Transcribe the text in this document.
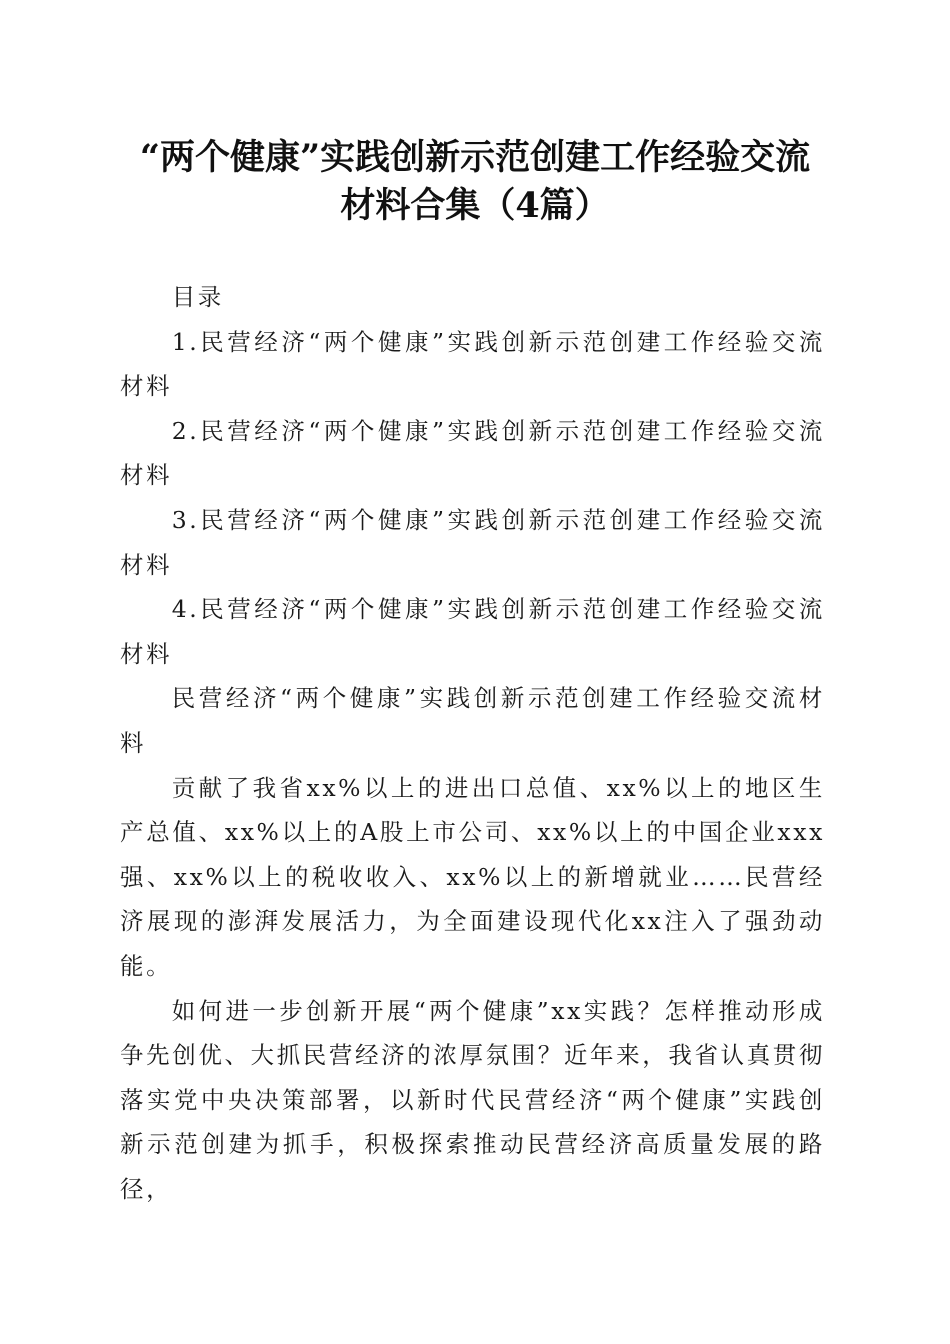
“两个健康”实践创新示范创建工作经验交流
材料合集（4篇）

目录

1.民营经济“两个健康”实践创新示范创建工作经验交流材料

2.民营经济“两个健康”实践创新示范创建工作经验交流材料

3.民营经济“两个健康”实践创新示范创建工作经验交流材料

4.民营经济“两个健康”实践创新示范创建工作经验交流材料

民营经济“两个健康”实践创新示范创建工作经验交流材料

贡献了我省xx%以上的进出口总值、xx%以上的地区生产总值、xx%以上的A股上市公司、xx%以上的中国企业xxx强、xx%以上的税收收入、xx%以上的新增就业……民营经济展现的澎湃发展活力，为全面建设现代化xx注入了强劲动能。

如何进一步创新开展“两个健康”xx实践？怎样推动形成争先创优、大抓民营经济的浓厚氛围？近年来，我省认真贯彻落实党中央决策部署，以新时代民营经济“两个健康”实践创新示范创建为抓手，积极探索推动民营经济高质量发展的路径，
